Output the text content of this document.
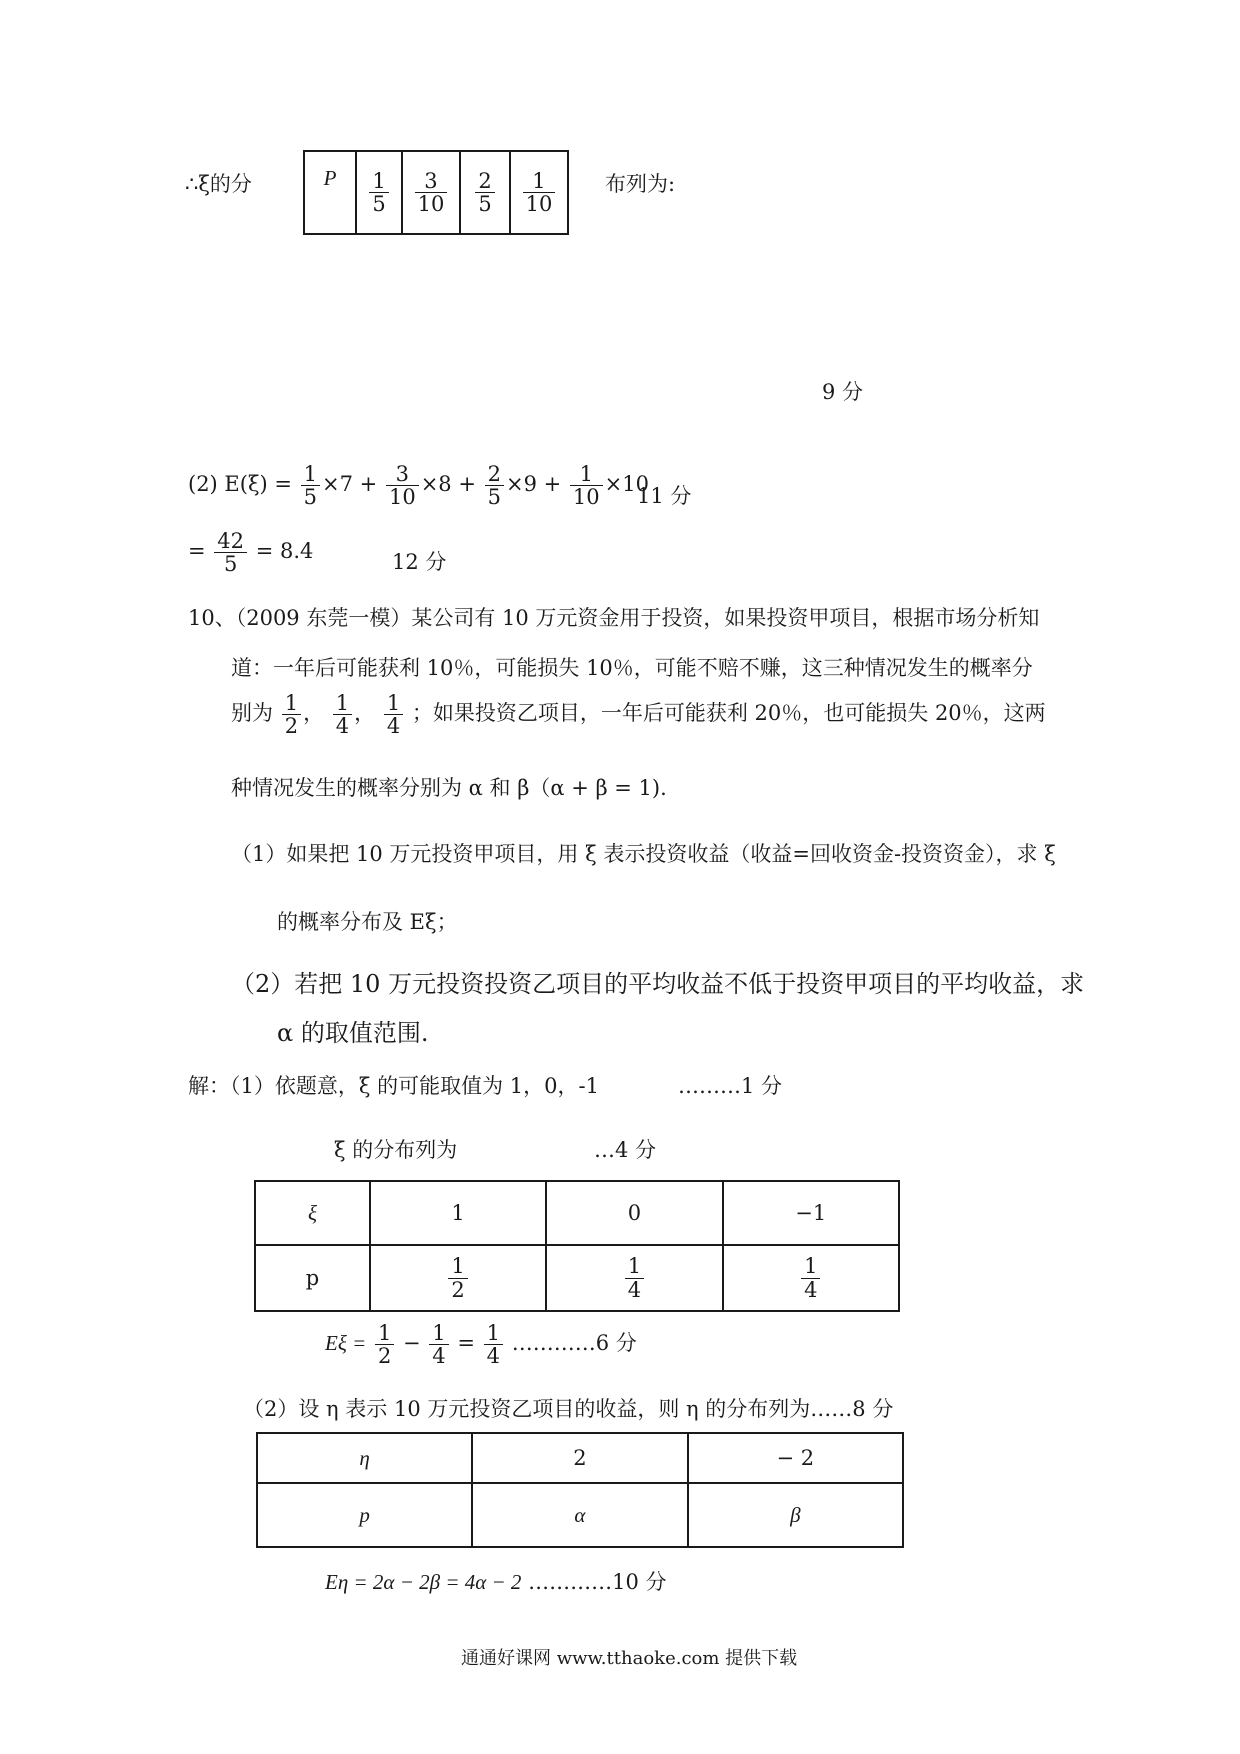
∴ξ的分	P	$\frac{1}{5}$	$\frac{3}{10}$	$\frac{2}{5}$	$\frac{1}{10}$ 布列为:
9 分
(2) $E(\xi) = \frac{1}{5} \times 7 + \frac{3}{10} \times 8 + \frac{2}{5} \times 9 + \frac{1}{10} \times 10$
11 分
= $\frac{42}{5} = 8.4$	12 分
10、（2009 东莞一模）某公司有 10 万元资金用于投资，如果投资甲项目，根据市场分析知
道：一年后可能获利 10％，可能损失 10％，可能不赔不赚，这三种情况发生的概率分
别为 $\frac{1}{2}$ ， $\frac{1}{4}$ ， $\frac{1}{4}$ ；如果投资乙项目，一年后可能获利 20％，也可能损失 20％，这两
种情况发生的概率分别为 α 和 β（α + β = 1).
（1）如果把 10 万元投资甲项目，用 ξ 表示投资收益（收益=回收资金-投资资金），求 ξ
的概率分布及 Eξ；
（2）若把 10 万元投资投资乙项目的平均收益不低于投资甲项目的平均收益，求
α 的取值范围.
解：（1）依题意，ξ 的可能取值为 1，0，-1	………1 分
ξ 的分布列为	…4 分
ξ	1	0	−1
p	$\frac{1}{2}$	$\frac{1}{4}$	$\frac{1}{4}$
$E\xi = \frac{1}{2} - \frac{1}{4} = \frac{1}{4}$ …………6 分
（2）设 η 表示 10 万元投资乙项目的收益，则 η 的分布列为……8 分
η	2	− 2
p	α	β
Eη = 2α − 2β = 4α − 2 …………10 分
通通好课网 www.tthaoke.com 提供下载
